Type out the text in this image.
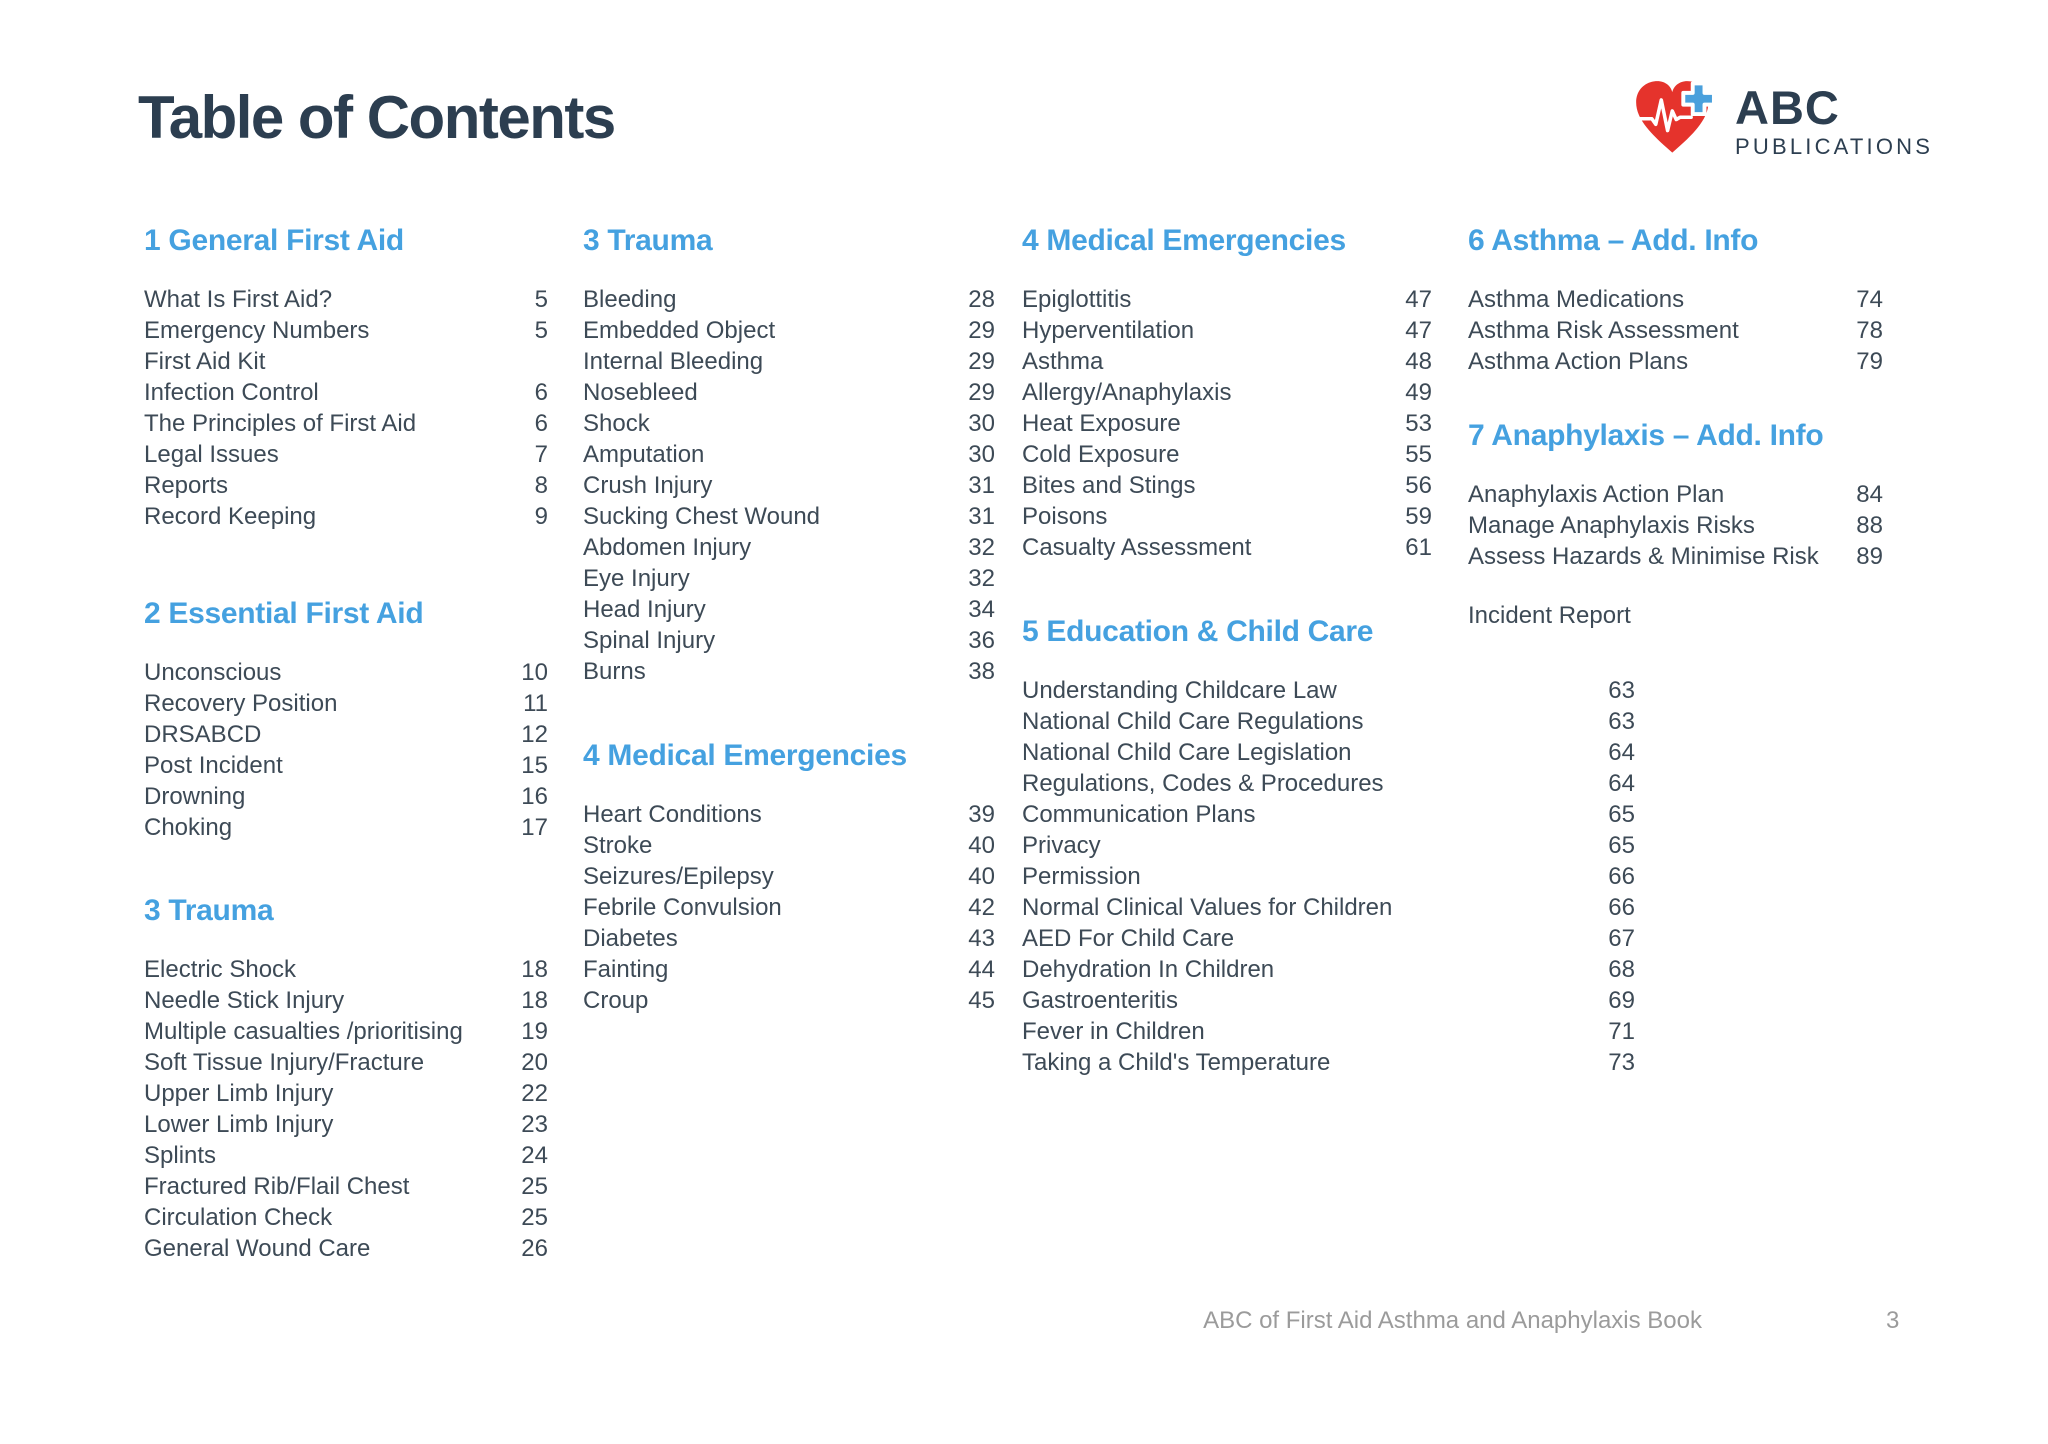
Table of Contents	ABC
PUBLICATIONS
1 General First Aid
What Is First Aid?	5
Emergency Numbers	5
First Aid Kit
Infection Control	6
The Principles of First Aid	6
Legal Issues	7
Reports	8
Record Keeping	9
2 Essential First Aid
Unconscious	10
Recovery Position	11
DRSABCD	12
Post Incident	15
Drowning	16
Choking	17
3 Trauma
Electric Shock	18
Needle Stick Injury	18
Multiple casualties /prioritising 19
Soft Tissue Injury/Fracture	20
Upper Limb Injury	22
Lower Limb Injury	23
Splints	24
Fractured Rib/Flail Chest	25
Circulation Check	25
General Wound Care	26
3 Trauma
Bleeding	28
Embedded Object	29
Internal Bleeding	29
Nosebleed	29
Shock	30
Amputation	30
Crush Injury	31
Sucking Chest Wound	31
Abdomen Injury	32
Eye Injury	32
Head Injury	34
Spinal Injury	36
Burns	38
4 Medical Emergencies
Heart Conditions	39
Stroke	40
Seizures/Epilepsy	40
Febrile Convulsion	42
Diabetes	43
Fainting	44
Croup	45
4 Medical Emergencies
Epiglottitis	47
Hyperventilation	47
Asthma	48
Allergy/Anaphylaxis	49
Heat Exposure	53
Cold Exposure	55
Bites and Stings	56
Poisons	59
Casualty Assessment	61
5 Education & Child Care
Understanding Childcare Law	63
National Child Care Regulations	63
National Child Care Legislation	64
Regulations, Codes & Procedures	64
Communication Plans	65
Privacy	65
Permission	66
Normal Clinical Values for Children	66
AED For Child Care	67
Dehydration In Children	68
Gastroenteritis	69
Fever in Children	71
Taking a Child's Temperature	73
6 Asthma – Add. Info
Asthma Medications	74
Asthma Risk Assessment	78
Asthma Action Plans	79
7 Anaphylaxis – Add. Info
Anaphylaxis Action Plan	84
Manage Anaphylaxis Risks	88
Assess Hazards & Minimise Risk 89
Incident Report
ABC of First Aid Asthma and Anaphylaxis Book	3
